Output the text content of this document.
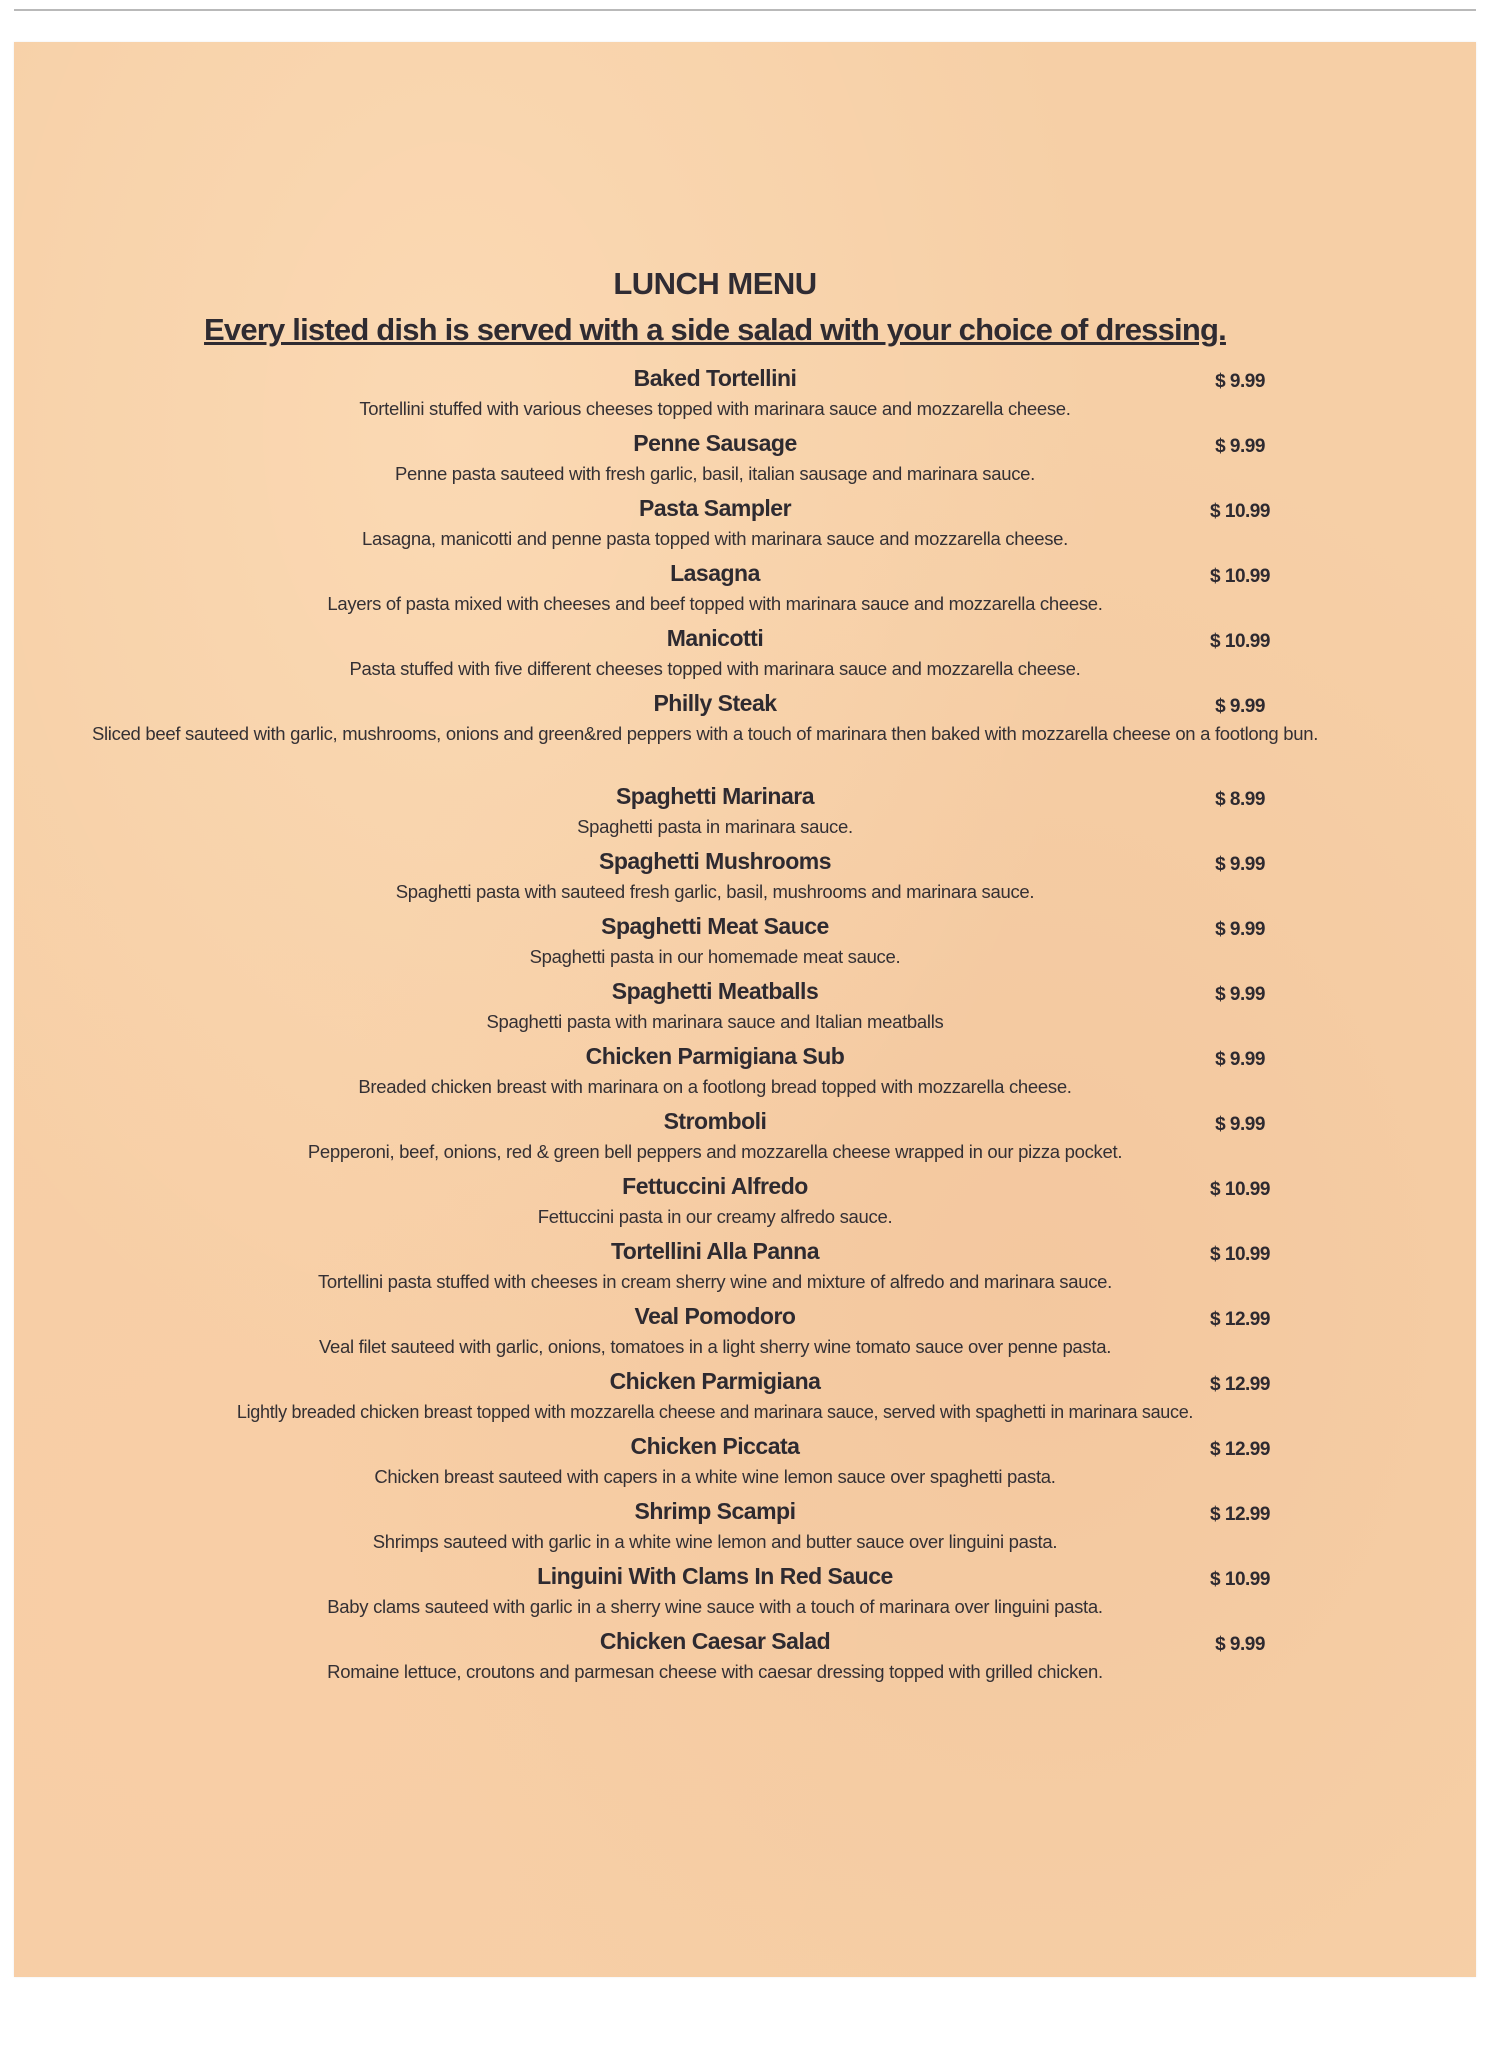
LUNCH MENU
Every listed dish is served with a side salad with your choice of dressing.
Baked Tortellini	$ 9.99
Tortellini stuffed with various cheeses topped with marinara sauce and mozzarella cheese.
Penne Sausage	$ 9.99
Penne pasta sauteed with fresh garlic, basil, italian sausage and marinara sauce.
Pasta Sampler	$ 10.99
Lasagna, manicotti and penne pasta topped with marinara sauce and mozzarella cheese.
Lasagna	$ 10.99
Layers of pasta mixed with cheeses and beef topped with marinara sauce and mozzarella cheese.
Manicotti	$ 10.99
Pasta stuffed with five different cheeses topped with marinara sauce and mozzarella cheese.
Philly Steak	$ 9.99
Sliced beef sauteed with garlic, mushrooms, onions and green&red peppers with a touch of marinara then baked with mozzarella cheese on a footlong bun.
Spaghetti Marinara	$ 8.99
Spaghetti pasta in marinara sauce.
Spaghetti Mushrooms	$ 9.99
Spaghetti pasta with sauteed fresh garlic, basil, mushrooms and marinara sauce.
Spaghetti Meat Sauce	$ 9.99
Spaghetti pasta in our homemade meat sauce.
Spaghetti Meatballs	$ 9.99
Spaghetti pasta with marinara sauce and Italian meatballs
Chicken Parmigiana Sub	$ 9.99
Breaded chicken breast with marinara on a footlong bread topped with mozzarella cheese.
Stromboli	$ 9.99
Pepperoni, beef, onions, red & green bell peppers and mozzarella cheese wrapped in our pizza pocket.
Fettuccini Alfredo	$ 10.99
Fettuccini pasta in our creamy alfredo sauce.
Tortellini Alla Panna	$ 10.99
Tortellini pasta stuffed with cheeses in cream sherry wine and mixture of alfredo and marinara sauce.
Veal Pomodoro	$ 12.99
Veal filet sauteed with garlic, onions, tomatoes in a light sherry wine tomato sauce over penne pasta.
Chicken Parmigiana	$ 12.99
Lightly breaded chicken breast topped with mozzarella cheese and marinara sauce, served with spaghetti in marinara sauce.
Chicken Piccata	$ 12.99
Chicken breast sauteed with capers in a white wine lemon sauce over spaghetti pasta.
Shrimp Scampi	$ 12.99
Shrimps sauteed with garlic in a white wine lemon and butter sauce over linguini pasta.
Linguini With Clams In Red Sauce	$ 10.99
Baby clams sauteed with garlic in a sherry wine sauce with a touch of marinara over linguini pasta.
Chicken Caesar Salad	$ 9.99
Romaine lettuce, croutons and parmesan cheese with caesar dressing topped with grilled chicken.
